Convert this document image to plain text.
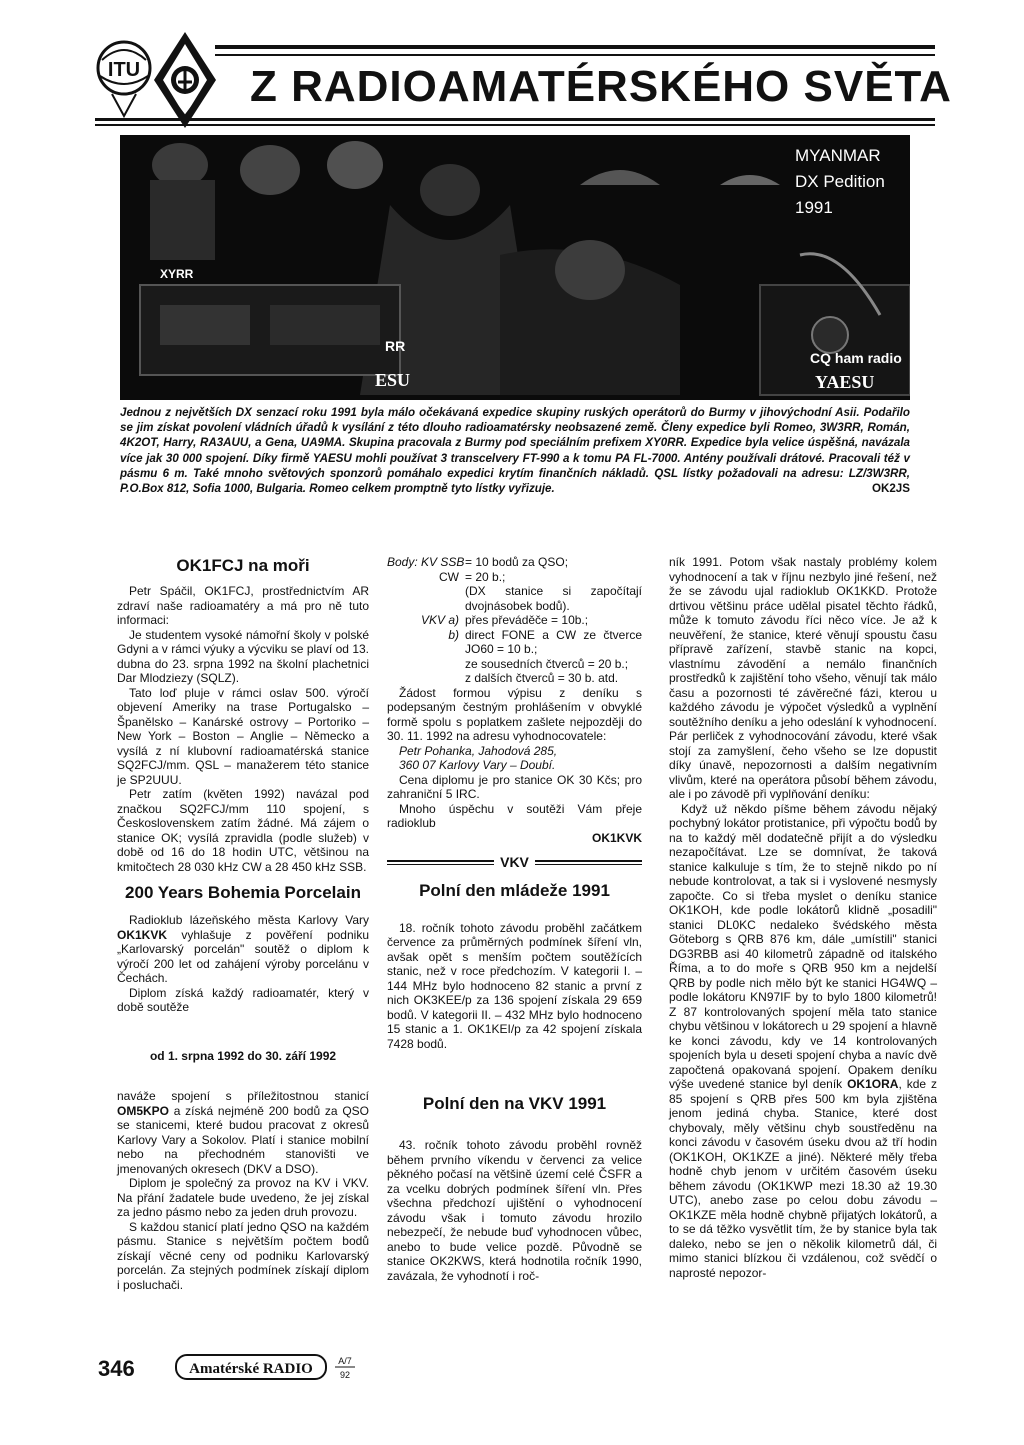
ITU Z RADIOAMATÉRSKÉHO SVĚTA
MYANMAR
DX Pedition
1991
XYRR
RR
ESU
CQ ham radio
YAESU
Jednou z největších DX senzací roku 1991 byla málo očekávaná expedice skupiny ruských operátorů do Burmy v jihovýchodní Asii. Podařilo se jim získat povolení vládních úřadů k vysílání z této dlouho radioamatérsky neobsazené země. Členy expedice byli Romeo, 3W3RR, Román, 4K2OT, Harry, RA3AUU, a Gena, UA9MA. Skupina pracovala z Burmy pod speciálním prefixem XY0RR. Expedice byla velice úspěšná, navázala více jak 30 000 spojení. Díky firmě YAESU mohli používat 3 transcelvery FT-990 a k tomu PA FL-7000. Antény používali drátové. Pracovali též v pásmu 6 m. Také mnoho světových sponzorů pomáhalo expedici krytím finančních nákladů. QSL lístky požadovali na adresu: LZ/3W3RR, P.O.Box 812, Sofia 1000, Bulgaria. Romeo celkem promptně tyto lístky vyřizuje.	OK2JS
OK1FCJ na moři

Petr Spáčil, OK1FCJ, prostřednictvím AR zdraví naše radioamatéry a má pro ně tuto informaci:

Je studentem vysoké námořní školy v polské Gdyni a v rámci výuky a výcviku se plaví od 13. dubna do 23. srpna 1992 na školní plachetnici Dar Mlodziezy (SQLZ).

Tato loď pluje v rámci oslav 500. výročí objevení Ameriky na trase Portugalsko – Španělsko – Kanárské ostrovy – Portoriko – New York – Boston – Anglie – Německo a vysílá z ní klubovní radioamatérská stanice SQ2FCJ/mm. QSL – manažerem této stanice je SP2UUU.

Petr zatím (květen 1992) navázal pod značkou SQ2FCJ/mm 110 spojení, s Československem zatím žádné. Má zájem o stanice OK; vysílá zpravidla (podle služeb) v době od 16 do 18 hodin UTC, většinou na kmitočtech 28 030 kHz CW a 28 450 kHz SSB.

200 Years Bohemia Porcelain

Radioklub lázeňského města Karlovy Vary OK1KVK vyhlašuje z pověření podniku „Karlovarský porcelán" soutěž o diplom k výročí 200 let od zahájení výroby porcelánu v Čechách.

Diplom získá každý radioamatér, který v době soutěže

od 1. srpna 1992 do 30. září 1992

naváže spojení s příležitostnou stanicí OM5KPO a získá nejméně 200 bodů za QSO se stanicemi, které budou pracovat z okresů Karlovy Vary a Sokolov. Platí i stanice mobilní nebo na přechodném stanovišti ve jmenovaných okresech (DKV a DSO).

Diplom je společný za provoz na KV i VKV. Na přání žadatele bude uvedeno, že jej získal za jedno pásmo nebo za jeden druh provozu.

S každou stanicí platí jedno QSO na každém pásmu. Stanice s největším počtem bodů získají věcné ceny od podniku Karlovarský porcelán. Za stejných podmínek získají diplom i posluchači.

Body: KV SSB	= 10 bodů za QSO;
CW	= 20 b.;
	(DX stanice si započítají dvojnásobek bodů).
VKV a)	přes převáděče = 10b.;
b)	direct FONE a CW ze čtverce JO60 = 10 b.;
	ze sousedních čtverců = 20 b.;
	z dalších čtverců = 30 b. atd.

Žádost formou výpisu z deníku s podepsaným čestným prohlášením v obvyklé formě spolu s poplatkem zašlete nejpozději do 30. 11. 1992 na adresu vyhodnocovatele:

Petr Pohanka, Jahodová 285,

360 07 Karlovy Vary – Doubí.

Cena diplomu je pro stanice OK 30 Kčs; pro zahraniční 5 IRC.

Mnoho úspěchu v soutěži Vám přeje radioklub

OK1KVK

VKV
Polní den mládeže 1991

18. ročník tohoto závodu proběhl začátkem července za průměrných podmínek šíření vln, avšak opět s menším počtem soutěžících stanic, než v roce předchozím. V kategorii I. – 144 MHz bylo hodnoceno 82 stanic a první z nich OK3KEE/p za 136 spojení získala 29 659 bodů. V kategorii II. – 432 MHz bylo hodnoceno 15 stanic a 1. OK1KEI/p za 42 spojení získala 7428 bodů.

Polní den na VKV 1991

43. ročník tohoto závodu proběhl rovněž během prvního víkendu v červenci za velice pěkného počasí na většině území celé ČSFR a za vcelku dobrých podmínek šíření vln. Přes všechna předchozí ujištění o vyhodnocení závodu však i tomuto závodu hrozilo nebezpečí, že nebude buď vyhodnocen vůbec, anebo to bude velice pozdě. Původně se stanice OK2KWS, která hodnotila ročník 1990, zavázala, že vyhodnotí i roč-

ník 1991. Potom však nastaly problémy kolem vyhodnocení a tak v říjnu nezbylo jiné řešení, než že se závodu ujal radioklub OK1KKD. Protože drtivou většinu práce udělal pisatel těchto řádků, může k tomuto závodu říci něco více. Je až k neuvěření, že stanice, které věnují spoustu času přípravě zařízení, stavbě stanic na kopci, vlastnímu závodění a nemálo finančních prostředků k zajištění toho všeho, věnují tak málo času a pozornosti té závěrečné fázi, kterou u každého závodu je výpočet výsledků a vyplnění soutěžního deníku a jeho odeslání k vyhodnocení. Pár perliček z vyhodnocování závodu, které však stojí za zamyšlení, čeho všeho se lze dopustit díky únavě, nepozornosti a dalším negativním vlivům, které na operátora působí během závodu, ale i po závodě při vyplňování deníku:

Když už někdo píšme během závodu nějaký pochybný lokátor protistanice, při výpočtu bodů by na to každý měl dodatečně přijít a do výsledku nezapočítávat. Lze se domnívat, že taková stanice kalkuluje s tím, že to stejně nikdo po ní nebude kontrolovat, a tak si i vyslovené nesmysly započte. Co si třeba myslet o deníku stanice OK1KOH, kde podle lokátorů klidně „posadili" stanici DL0KC nedaleko švédského města Göteborg s QRB 876 km, dále „umístili" stanici DG3RBB asi 40 kilometrů západně od italského Říma, a to do moře s QRB 950 km a nejdelší QRB by podle nich mělo být ke stanici HG4WQ – podle lokátoru KN97IF by to bylo 1800 kilometrů! Z 87 kontrolovaných spojení měla tato stanice chybu většinou v lokátorech u 29 spojení a hlavně ke konci závodu, kdy ve 14 kontrolovaných spojeních byla u deseti spojení chyba a navíc dvě započtená opakovaná spojení. Opakem deníku výše uvedené stanice byl deník OK1ORA, kde z 85 spojení s QRB přes 500 km byla zjištěna jenom jediná chyba. Stanice, které dost chybovaly, měly většinu chyb soustředěnu na konci závodu v časovém úseku dvou až tří hodin (OK1KOH, OK1KZE a jiné). Některé měly třeba hodně chyb jenom v určitém časovém úseku během závodu (OK1KWP mezi 18.30 až 19.30 UTC), anebo zase po celou dobu závodu – OK1KZE měla hodně chybně přijatých lokátorů, a to se dá těžko vysvětlit tím, že by stanice byla tak daleko, nebo se jen o několik kilometrů dál, či mimo stanici blízkou či vzdálenou, což svědčí o naprosté nepozor-

346	Amatérské RADIO	A/7
92
